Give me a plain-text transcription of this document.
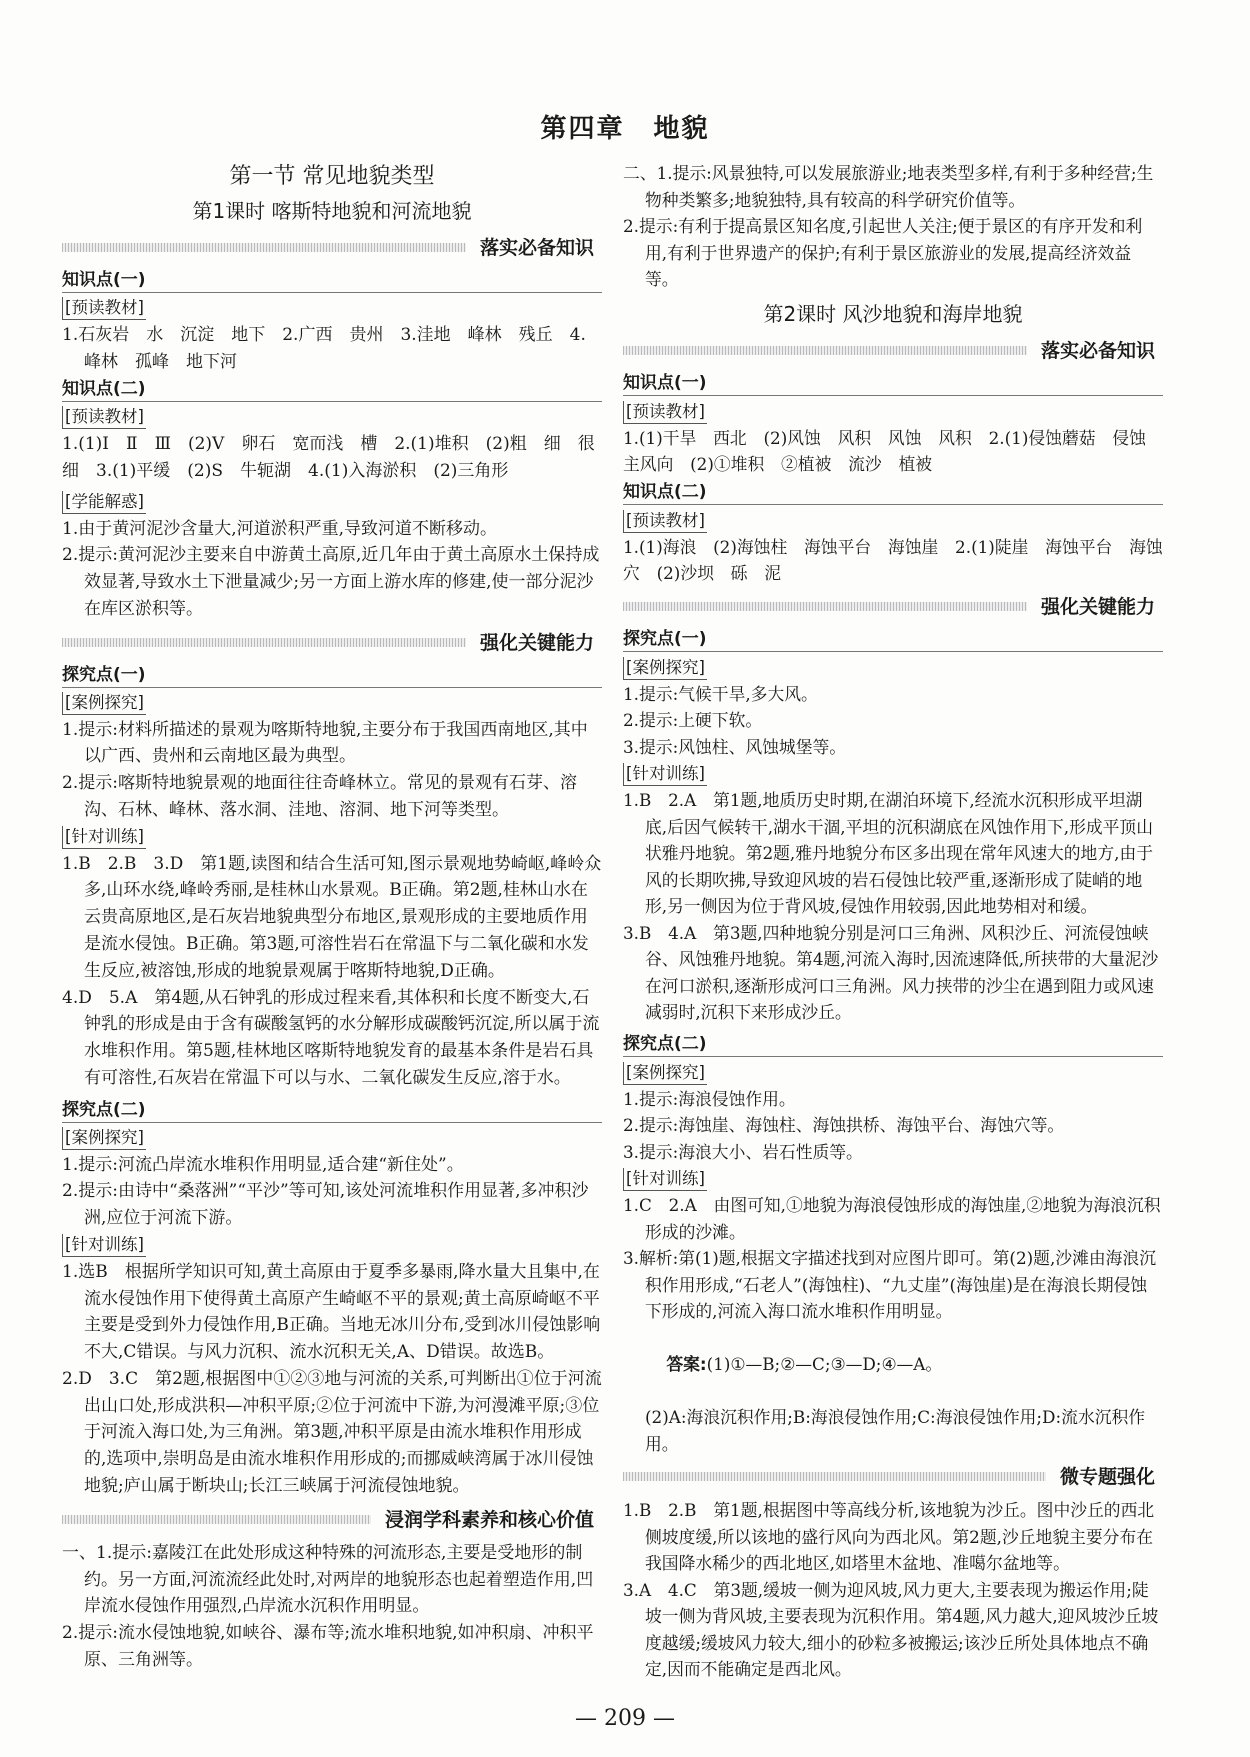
第四章 地貌

第一节 常见地貌类型

第1课时 喀斯特地貌和河流地貌

落实必备知识
知识点(一)
[ 预读教材 ]

1.石灰岩　水　沉淀　地下　2.广西　贵州　3.洼地　峰林　残丘　4.峰林　孤峰　地下河

知识点(二)
[ 预读教材 ]

1.(1)Ⅰ　Ⅱ　Ⅲ　(2)V　卵石　宽而浅　槽　2.(1)堆积　(2)粗　细　很细　3.(1)平缓　(2)S　牛轭湖　4.(1)入海淤积　(2)三角形

[ 学能解惑 ]

1.由于黄河泥沙含量大,河道淤积严重,导致河道不断移动。

2.提示:黄河泥沙主要来自中游黄土高原,近几年由于黄土高原水土保持成效显著,导致水土下泄量减少;另一方面上游水库的修建,使一部分泥沙在库区淤积等。

强化关键能力
探究点(一)
[ 案例探究 ]

1.提示:材料所描述的景观为喀斯特地貌,主要分布于我国西南地区,其中以广西、贵州和云南地区最为典型。

2.提示:喀斯特地貌景观的地面往往奇峰林立。常见的景观有石芽、溶沟、石林、峰林、落水洞、洼地、溶洞、地下河等类型。

[ 针对训练 ]

1.B　2.B　3.D　第1题,读图和结合生活可知,图示景观地势崎岖,峰岭众多,山环水绕,峰岭秀丽,是桂林山水景观。B正确。第2题,桂林山水在云贵高原地区,是石灰岩地貌典型分布地区,景观形成的主要地质作用是流水侵蚀。B正确。第3题,可溶性岩石在常温下与二氧化碳和水发生反应,被溶蚀,形成的地貌景观属于喀斯特地貌,D正确。

4.D　5.A　第4题,从石钟乳的形成过程来看,其体积和长度不断变大,石钟乳的形成是由于含有碳酸氢钙的水分解形成碳酸钙沉淀,所以属于流水堆积作用。第5题,桂林地区喀斯特地貌发育的最基本条件是岩石具有可溶性,石灰岩在常温下可以与水、二氧化碳发生反应,溶于水。

探究点(二)
[ 案例探究 ]

1.提示:河流凸岸流水堆积作用明显,适合建“新住处”。

2.提示:由诗中“桑落洲”“平沙”等可知,该处河流堆积作用显著,多冲积沙洲,应位于河流下游。

[ 针对训练 ]

1.选B　根据所学知识可知,黄土高原由于夏季多暴雨,降水量大且集中,在流水侵蚀作用下使得黄土高原产生崎岖不平的景观;黄土高原崎岖不平主要是受到外力侵蚀作用,B正确。当地无冰川分布,受到冰川侵蚀影响不大,C错误。与风力沉积、流水沉积无关,A、D错误。故选B。

2.D　3.C　第2题,根据图中①②③地与河流的关系,可判断出①位于河流出山口处,形成洪积—冲积平原;②位于河流中下游,为河漫滩平原;③位于河流入海口处,为三角洲。第3题,冲积平原是由流水堆积作用形成的,选项中,崇明岛是由流水堆积作用形成的;而挪威峡湾属于冰川侵蚀地貌;庐山属于断块山;长江三峡属于河流侵蚀地貌。

浸润学科素养和核心价值

一、1.提示:嘉陵江在此处形成这种特殊的河流形态,主要是受地形的制约。另一方面,河流流经此处时,对两岸的地貌形态也起着塑造作用,凹岸流水侵蚀作用强烈,凸岸流水沉积作用明显。

2.提示:流水侵蚀地貌,如峡谷、瀑布等;流水堆积地貌,如冲积扇、冲积平原、三角洲等。

二、1.提示:风景独特,可以发展旅游业;地表类型多样,有利于多种经营;生物种类繁多;地貌独特,具有较高的科学研究价值等。

2.提示:有利于提高景区知名度,引起世人关注;便于景区的有序开发和利用,有利于世界遗产的保护;有利于景区旅游业的发展,提高经济效益等。

第2课时 风沙地貌和海岸地貌

落实必备知识
知识点(一)
[ 预读教材 ]

1.(1)干旱　西北　(2)风蚀　风积　风蚀　风积　2.(1)侵蚀蘑菇　侵蚀　主风向　(2)①堆积　②植被　流沙　植被

知识点(二)
[ 预读教材 ]

1.(1)海浪　(2)海蚀柱　海蚀平台　海蚀崖　2.(1)陡崖　海蚀平台　海蚀穴　(2)沙坝　砾　泥

强化关键能力
探究点(一)
[ 案例探究 ]

1.提示:气候干旱,多大风。

2.提示:上硬下软。

3.提示:风蚀柱、风蚀城堡等。

[ 针对训练 ]

1.B　2.A　第1题,地质历史时期,在湖泊环境下,经流水沉积形成平坦湖底,后因气候转干,湖水干涸,平坦的沉积湖底在风蚀作用下,形成平顶山状雅丹地貌。第2题,雅丹地貌分布区多出现在常年风速大的地方,由于风的长期吹拂,导致迎风坡的岩石侵蚀比较严重,逐渐形成了陡峭的地形,另一侧因为位于背风坡,侵蚀作用较弱,因此地势相对和缓。

3.B　4.A　第3题,四种地貌分别是河口三角洲、风积沙丘、河流侵蚀峡谷、风蚀雅丹地貌。第4题,河流入海时,因流速降低,所挟带的大量泥沙在河口淤积,逐渐形成河口三角洲。风力挟带的沙尘在遇到阻力或风速减弱时,沉积下来形成沙丘。

探究点(二)
[ 案例探究 ]

1.提示:海浪侵蚀作用。

2.提示:海蚀崖、海蚀柱、海蚀拱桥、海蚀平台、海蚀穴等。

3.提示:海浪大小、岩石性质等。

[ 针对训练 ]

1.C　2.A　由图可知,①地貌为海浪侵蚀形成的海蚀崖,②地貌为海浪沉积形成的沙滩。

3.解析:第(1)题,根据文字描述找到对应图片即可。第(2)题,沙滩由海浪沉积作用形成,“石老人”(海蚀柱)、“九丈崖”(海蚀崖)是在海浪长期侵蚀下形成的,河流入海口流水堆积作用明显。

答案:(1)①—B;②—C;③—D;④—A。

(2)A:海浪沉积作用;B:海浪侵蚀作用;C:海浪侵蚀作用;D:流水沉积作用。

微专题强化

1.B　2.B　第1题,根据图中等高线分析,该地貌为沙丘。图中沙丘的西北侧坡度缓,所以该地的盛行风向为西北风。第2题,沙丘地貌主要分布在我国降水稀少的西北地区,如塔里木盆地、准噶尔盆地等。

3.A　4.C　第3题,缓坡一侧为迎风坡,风力更大,主要表现为搬运作用;陡坡一侧为背风坡,主要表现为沉积作用。第4题,风力越大,迎风坡沙丘坡度越缓;缓坡风力较大,细小的砂粒多被搬运;该沙丘所处具体地点不确定,因而不能确定是西北风。

— 209 —
